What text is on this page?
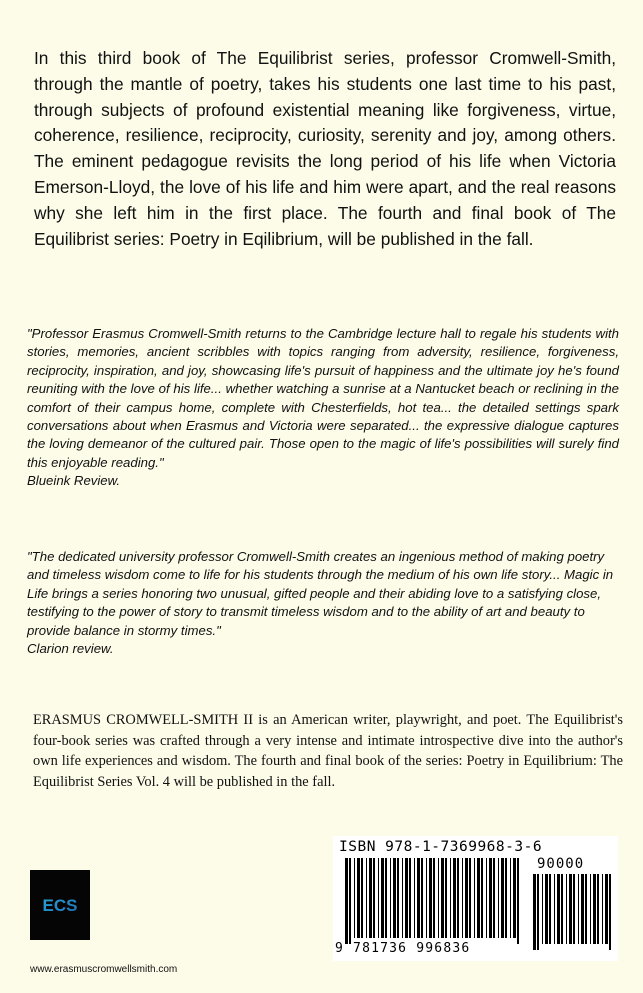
In this third book of The Equilibrist series, professor Cromwell-Smith, through the mantle of poetry, takes his students one last time to his past, through subjects of profound existential meaning like forgiveness, virtue, coherence, resilience, reciprocity, curiosity, serenity and joy, among others. The eminent pedagogue revisits the long period of his life when Victoria Emerson-Lloyd, the love of his life and him were apart, and the real reasons why she left him in the first place. The fourth and final book of The Equilibrist series: Poetry in Eqilibrium, will be published in the fall.

"Professor Erasmus Cromwell-Smith returns to the Cambridge lecture hall to regale his students with stories, memories, ancient scribbles with topics ranging from adversity, resilience, forgiveness, reciprocity, inspiration, and joy, showcasing life's pursuit of happiness and the ultimate joy he's found reuniting with the love of his life... whether watching a sunrise at a Nantucket beach or reclining in the comfort of their campus home, complete with Chesterfields, hot tea... the detailed settings spark conversations about when Erasmus and Victoria were separated... the expressive dialogue captures the loving demeanor of the cultured pair. Those open to the magic of life's possibilities will surely find this enjoyable reading."
Blueink Review.

"The dedicated university professor Cromwell-Smith creates an ingenious method of making poetry and timeless wisdom come to life for his students through the medium of his own life story... Magic in Life brings a series honoring two unusual, gifted people and their abiding love to a satisfying close, testifying to the power of story to transmit timeless wisdom and to the ability of art and beauty to provide balance in stormy times."
Clarion review.

ERASMUS CROMWELL-SMITH II is an American writer, playwright, and poet. The Equilibrist's four-book series was crafted through a very intense and intimate introspective dive into the author's own life experiences and wisdom. The fourth and final book of the series: Poetry in Equilibrium: The Equilibrist Series Vol. 4 will be published in the fall.

ECS
www.erasmuscromwellsmith.com
ISBN 978-1-7369968-3-6
90000
9 781736 996836
